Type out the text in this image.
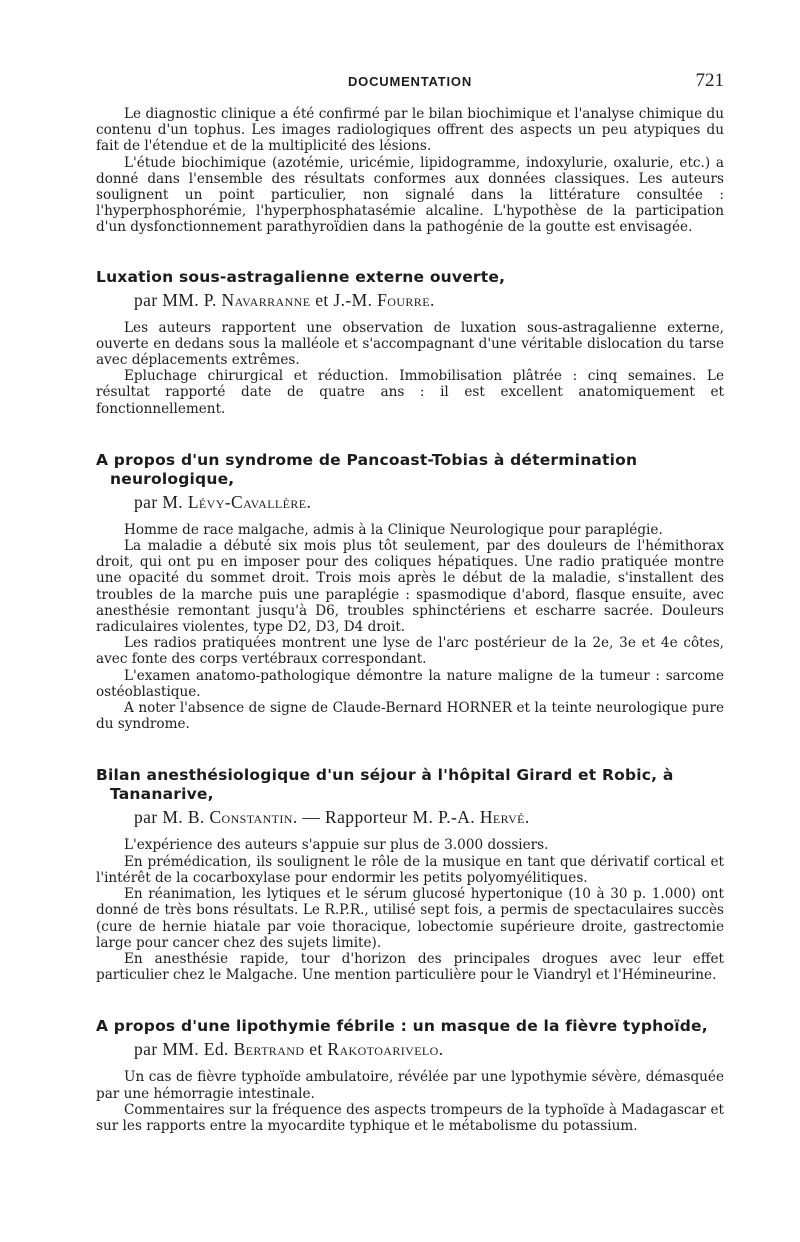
DOCUMENTATION	721

Le diagnostic clinique a été confirmé par le bilan biochimique et l'analyse chimique du contenu d'un tophus. Les images radiologiques offrent des aspects un peu atypiques du fait de l'étendue et de la multiplicité des lésions.

L'étude biochimique (azotémie, uricémie, lipidogramme, indoxylurie, oxalurie, etc.) a donné dans l'ensemble des résultats conformes aux données classiques. Les auteurs soulignent un point particulier, non signalé dans la littérature consultée : l'hyperphosphorémie, l'hyperphosphatasémie alcaline. L'hypothèse de la participation d'un dysfonctionnement parathyroïdien dans la pathogénie de la goutte est envisagée.

Luxation sous-astragalienne externe ouverte,

par MM. P. Navarranne et J.-M. Fourre.

Les auteurs rapportent une observation de luxation sous-astragalienne externe, ouverte en dedans sous la malléole et s'accompagnant d'une véritable dislocation du tarse avec déplacements extrêmes.

Epluchage chirurgical et réduction. Immobilisation plâtrée : cinq semaines. Le résultat rapporté date de quatre ans : il est excellent anatomiquement et fonctionnellement.

A propos d'un syndrome de Pancoast-Tobias à détermination neurologique,

par M. Lévy-Cavallère.

Homme de race malgache, admis à la Clinique Neurologique pour paraplégie.

La maladie a débuté six mois plus tôt seulement, par des douleurs de l'hémithorax droit, qui ont pu en imposer pour des coliques hépatiques. Une radio pratiquée montre une opacité du sommet droit. Trois mois après le début de la maladie, s'installent des troubles de la marche puis une paraplégie : spasmodique d'abord, flasque ensuite, avec anesthésie remontant jusqu'à D6, troubles sphinctériens et escharre sacrée. Douleurs radiculaires violentes, type D2, D3, D4 droit.

Les radios pratiquées montrent une lyse de l'arc postérieur de la 2e, 3e et 4e côtes, avec fonte des corps vertébraux correspondant.

L'examen anatomo-pathologique démontre la nature maligne de la tumeur : sarcome ostéoblastique.

A noter l'absence de signe de Claude-Bernard HORNER et la teinte neurologique pure du syndrome.

Bilan anesthésiologique d'un séjour à l'hôpital Girard et Robic, à Tananarive,

par M. B. Constantin. — Rapporteur M. P.-A. Hervé.

L'expérience des auteurs s'appuie sur plus de 3.000 dossiers.

En prémédication, ils soulignent le rôle de la musique en tant que dérivatif cortical et l'intérêt de la cocarboxylase pour endormir les petits polyomyélitiques.

En réanimation, les lytiques et le sérum glucosé hypertonique (10 à 30 p. 1.000) ont donné de très bons résultats. Le R.P.R., utilisé sept fois, a permis de spectaculaires succès (cure de hernie hiatale par voie thoracique, lobectomie supérieure droite, gastrectomie large pour cancer chez des sujets limite).

En anesthésie rapide, tour d'horizon des principales drogues avec leur effet particulier chez le Malgache. Une mention particulière pour le Viandryl et l'Hémineurine.

A propos d'une lipothymie fébrile : un masque de la fièvre typhoïde,

par MM. Ed. Bertrand et Rakotoarivelo.

Un cas de fièvre typhoïde ambulatoire, révélée par une lypothymie sévère, démasquée par une hémorragie intestinale.

Commentaires sur la fréquence des aspects trompeurs de la typhoïde à Madagascar et sur les rapports entre la myocardite typhique et le métabolisme du potassium.
